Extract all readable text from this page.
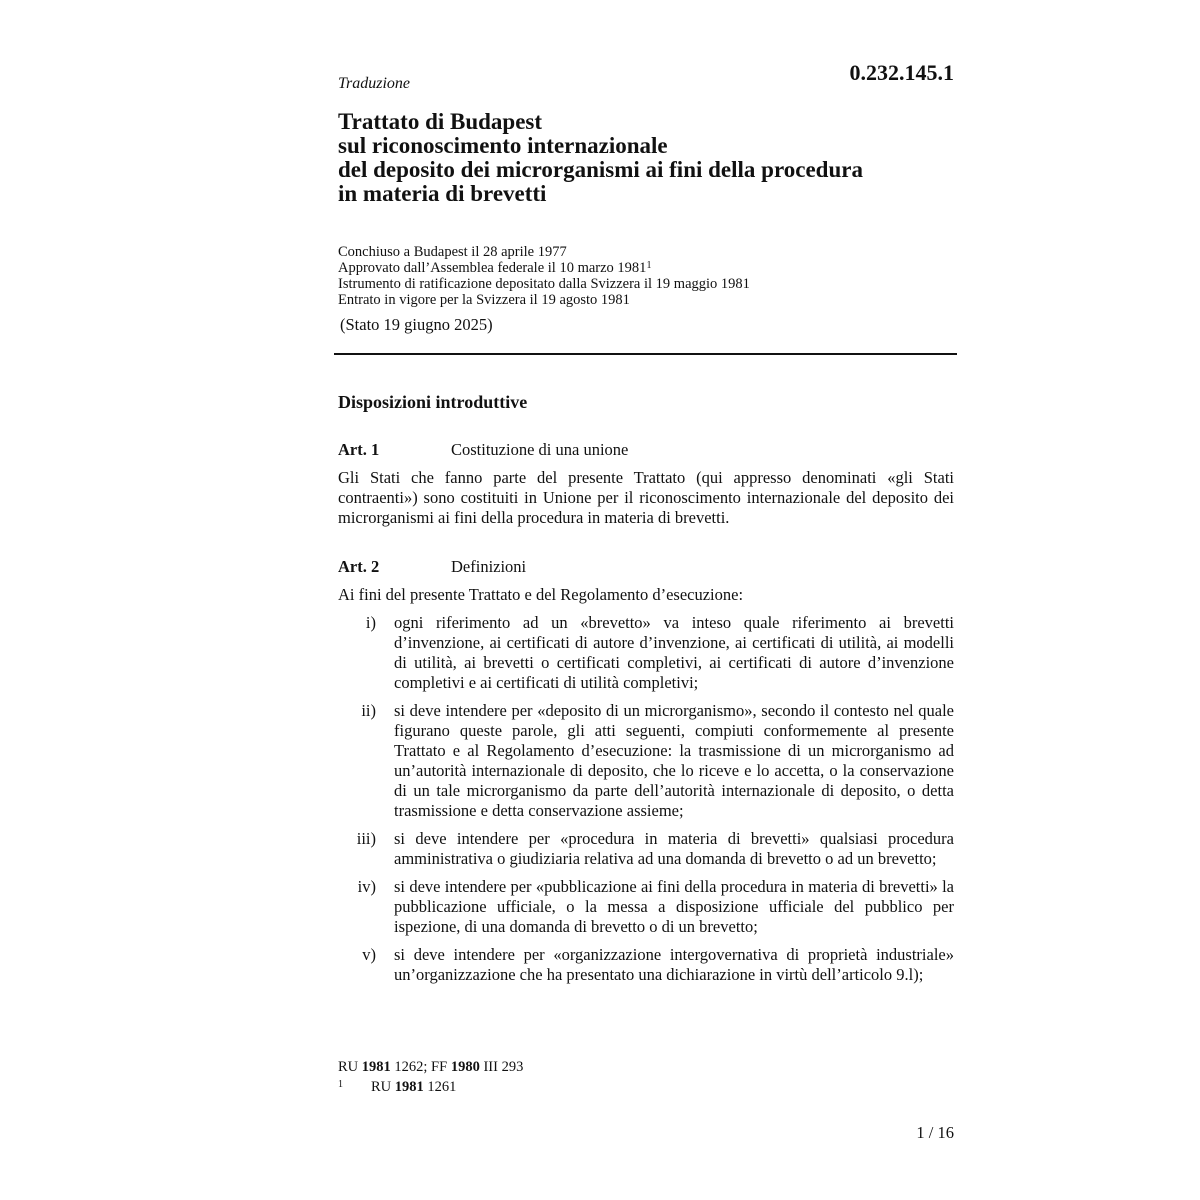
0.232.145.1
Traduzione
Trattato di Budapest
sul riconoscimento internazionale
del deposito dei microrganismi ai fini della procedura
in materia di brevetti
Conchiuso a Budapest il 28 aprile 1977
Approvato dall’Assemblea federale il 10 marzo 1981$^1$
Istrumento di ratificazione depositato dalla Svizzera il 19 maggio 1981
Entrato in vigore per la Svizzera il 19 agosto 1981
(Stato 19 giugno 2025)
Disposizioni introduttive
Art. 1	Costituzione di una unione
Gli Stati che fanno parte del presente Trattato (qui appresso denominati «gli Stati contraenti») sono costituiti in Unione per il riconoscimento internazionale del deposito dei microrganismi ai fini della procedura in materia di brevetti.
Art. 2	Definizioni
Ai fini del presente Trattato e del Regolamento d’esecuzione:
i) ogni riferimento ad un «brevetto» va inteso quale riferimento ai brevetti d’invenzione, ai certificati di autore d’invenzione, ai certificati di utilità, ai modelli di utilità, ai brevetti o certificati completivi, ai certificati di autore d’invenzione completivi e ai certificati di utilità completivi;
ii) si deve intendere per «deposito di un microrganismo», secondo il contesto nel quale figurano queste parole, gli atti seguenti, compiuti conformemente al presente Trattato e al Regolamento d’esecuzione: la trasmissione di un microrganismo ad un’autorità internazionale di deposito, che lo riceve e lo accetta, o la conservazione di un tale microrganismo da parte dell’autorità internazionale di deposito, o detta trasmissione e detta conservazione assieme;
iii) si deve intendere per «procedura in materia di brevetti» qualsiasi procedura amministrativa o giudiziaria relativa ad una domanda di brevetto o ad un brevetto;
iv) si deve intendere per «pubblicazione ai fini della procedura in materia di brevetti» la pubblicazione ufficiale, o la messa a disposizione ufficiale del pubblico per ispezione, di una domanda di brevetto o di un brevetto;
v) si deve intendere per «organizzazione intergovernativa di proprietà industriale» un’organizzazione che ha presentato una dichiarazione in virtù dell’articolo 9.l);
RU 1981 1262; FF 1980 III 293
1 RU 1981 1261
1 / 16
